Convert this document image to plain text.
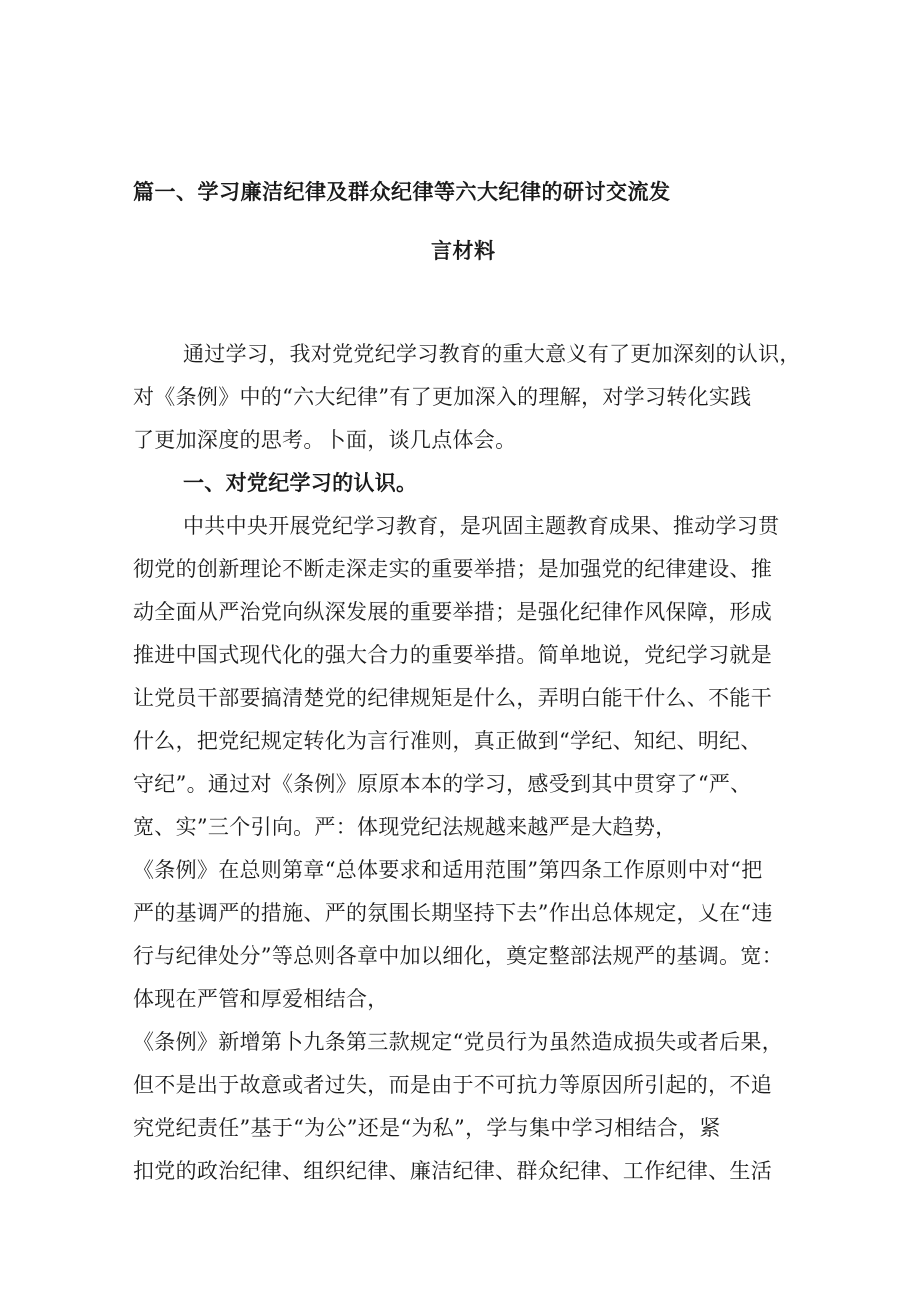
篇一、学习廉洁纪律及群众纪律等六大纪律的研讨交流发
言材料
通过学习，我对党党纪学习教育的重大意义有了更加深刻的认识，
对《条例》中的“六大纪律”有了更加深入的理解，对学习转化实践
了更加深度的思考。卜面，谈几点体会。
一、对党纪学习的认识。
中共中央开展党纪学习教育，是巩固主题教育成果、推动学习贯
彻党的创新理论不断走深走实的重要举措；是加强党的纪律建设、推
动全面从严治党向纵深发展的重要举措；是强化纪律作风保障，形成
推进中国式现代化的强大合力的重要举措。简单地说，党纪学习就是
让党员干部要搞清楚党的纪律规矩是什么，弄明白能干什么、不能干
什么，把党纪规定转化为言行准则，真正做到“学纪、知纪、明纪、
守纪”。通过对《条例》原原本本的学习，感受到其中贯穿了“严、
宽、实”三个引向。严：体现党纪法规越来越严是大趋势，
《条例》在总则第章“总体要求和适用范围”第四条工作原则中对“把
严的基调严的措施、严的氛围长期坚持下去”作出总体规定，乂在“违
行与纪律处分”等总则各章中加以细化，奠定整部法规严的基调。宽：
体现在严管和厚爱相结合，
《条例》新增第卜九条第三款规定“党员行为虽然造成损失或者后果，
但不是出于故意或者过失，而是由于不可抗力等原因所引起的，不追
究党纪责任”基于“为公”还是“为私”，学与集中学习相结合，紧
扣党的政治纪律、组织纪律、廉洁纪律、群众纪律、工作纪律、生活
